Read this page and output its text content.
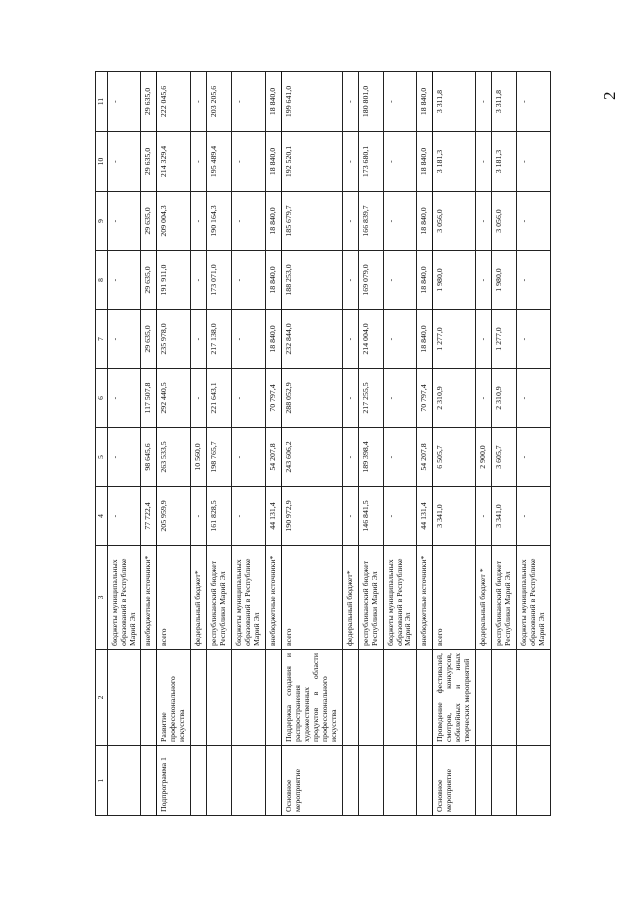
2
1	2	3	4	5	6	7	8	9	10	11
		бюджеты муниципальных образований в Республике Марий Эл	-	-	-	-	-	-	-	-
		внебюджетные источники*	77 722,4	98 645,6	117 507,8	29 635,0	29 635,0	29 635,0	29 635,0	29 635,0
Подпрограмма 1	Развитие профессионального искусства	всего	205 959,9	263 533,5	292 440,5	235 978,0	191 911,0	209 004,3	214 329,4	222 045,6
		федеральный бюджет*	-	10 560,0	-	-	-	-	-	-
		республиканский бюджет Республики Марий Эл	161 828,5	198 765,7	221 643,1	217 138,0	173 071,0	190 164,3	195 489,4	203 205,6
		бюджеты муниципальных образований в Республике Марий Эл	-	-	-	-	-	-	-	-
		внебюджетные источники*	44 131,4	54 207,8	70 797,4	18 840,0	18 840,0	18 840,0	18 840,0	18 840,0
Основное мероприятие	Поддержка создания и распространения художественных продуктов в области профессионального искусства	всего	190 972,9	243 606,2	288 052,9	232 844,0	188 253,0	185 679,7	192 520,1	199 641,0
		федеральный бюджет*	-	-	-	-	-	-	-	-
		республиканский бюджет Республики Марий Эл	146 841,5	189 398,4	217 255,5	214 004,0	169 079,0	166 839,7	173 680,1	180 801,0
		бюджеты муниципальных образований в Республике Марий Эл	-	-	-	-	-	-	-	-
		внебюджетные источники*	44 131,4	54 207,8	70 797,4	18 840,0	18 840,0	18 840,0	18 840,0	18 840,0
Основное мероприятие	Проведение фестивалей, смотров, конкурсов, юбилейных и иных творческих мероприятий	всего	3 341,0	6 505,7	2 310,9	1 277,0	1 980,0	3 056,0	3 181,3	3 311,8
		федеральный бюджет *	-	2 900,0	-	-	-	-	-	-
		республиканский бюджет Республики Марий Эл	3 341,0	3 605,7	2 310,9	1 277,0	1 980,0	3 056,0	3 181,3	3 311,8
		бюджеты муниципальных образований в Республике Марий Эл	-	-	-	-	-	-	-	-
